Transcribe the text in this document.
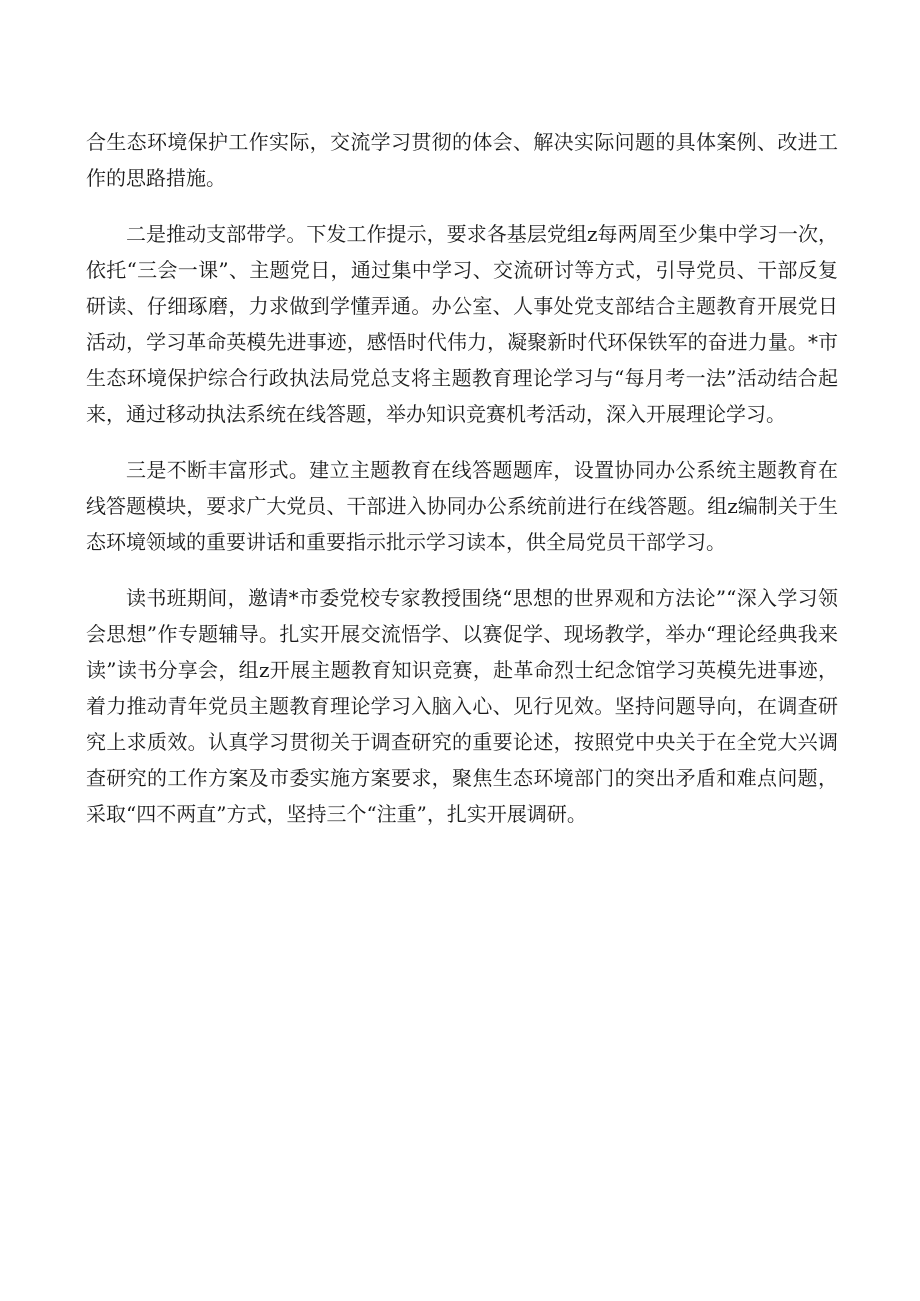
合生态环境保护工作实际，交流学习贯彻的体会、解决实际问题的具体案例、改进工作的思路措施。

二是推动支部带学。下发工作提示，要求各基层党组z每两周至少集中学习一次，依托“三会一课”、主题党日，通过集中学习、交流研讨等方式，引导党员、干部反复研读、仔细琢磨，力求做到学懂弄通。办公室、人事处党支部结合主题教育开展党日活动，学习革命英模先进事迹，感悟时代伟力，凝聚新时代环保铁军的奋进力量。*市生态环境保护综合行政执法局党总支将主题教育理论学习与“每月考一法”活动结合起来，通过移动执法系统在线答题，举办知识竞赛机考活动，深入开展理论学习。

三是不断丰富形式。建立主题教育在线答题题库，设置协同办公系统主题教育在线答题模块，要求广大党员、干部进入协同办公系统前进行在线答题。组z编制关于生态环境领域的重要讲话和重要指示批示学习读本，供全局党员干部学习。

读书班期间，邀请*市委党校专家教授围绕“思想的世界观和方法论”“深入学习领会思想”作专题辅导。扎实开展交流悟学、以赛促学、现场教学，举办“理论经典我来读”读书分享会，组z开展主题教育知识竞赛，赴革命烈士纪念馆学习英模先进事迹，着力推动青年党员主题教育理论学习入脑入心、见行见效。坚持问题导向，在调查研究上求质效。认真学习贯彻关于调查研究的重要论述，按照党中央关于在全党大兴调查研究的工作方案及市委实施方案要求，聚焦生态环境部门的突出矛盾和难点问题，采取“四不两直”方式，坚持三个“注重”，扎实开展调研。
